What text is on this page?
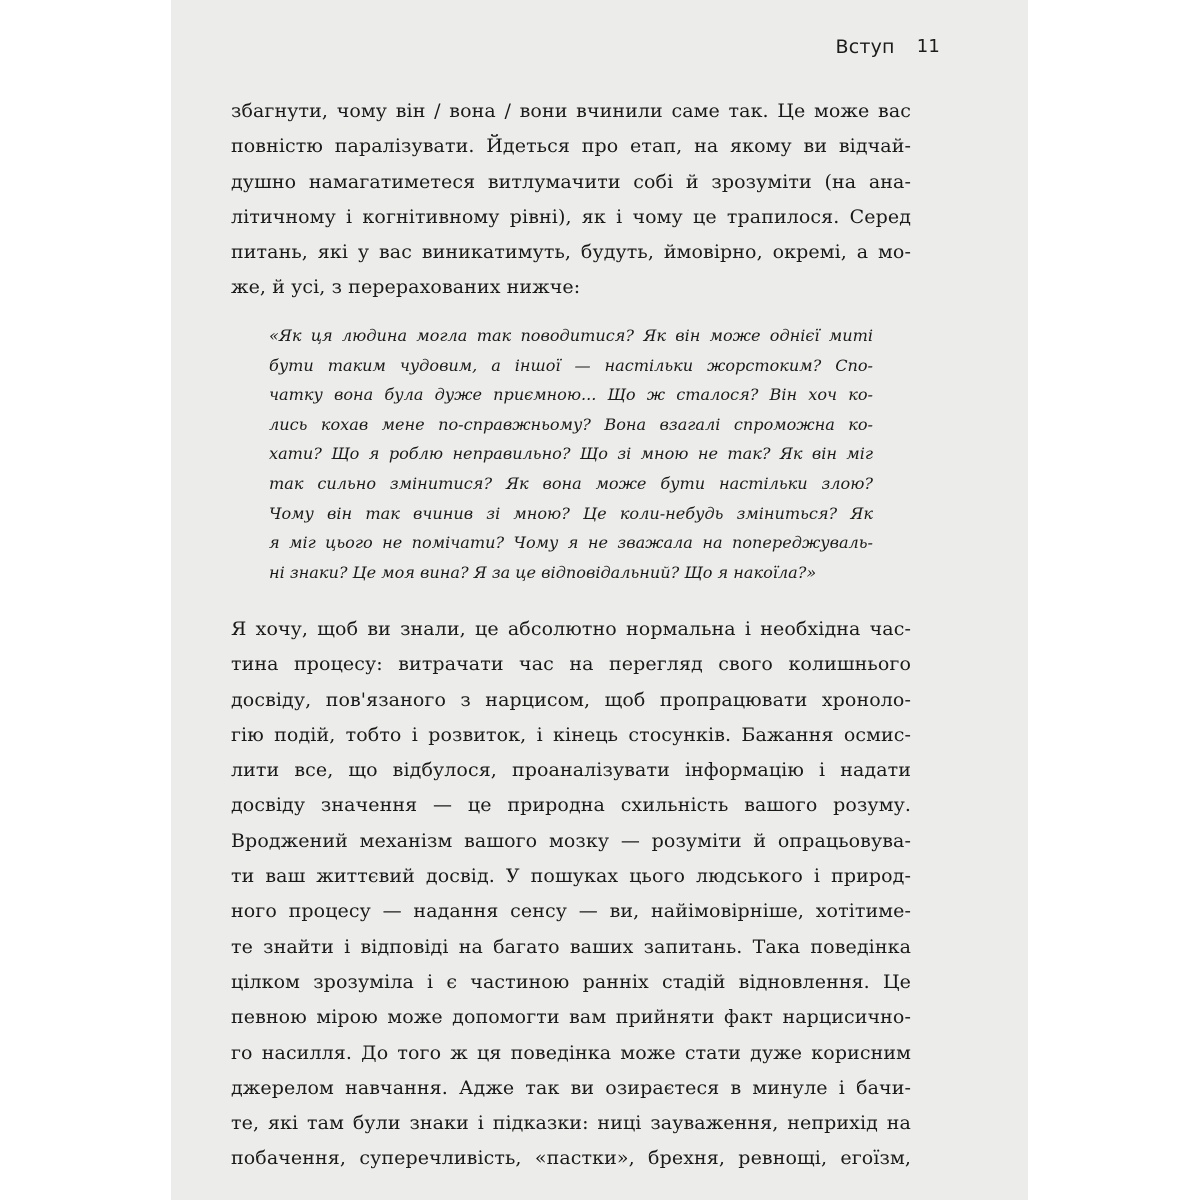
Вступ 11
збагнути, чому він / вона / вони вчинили саме так. Це може вас
повністю паралізувати. Йдеться про етап, на якому ви відчай-
душно намагатиметеся витлумачити собі й зрозуміти (на ана-
літичному і когнітивному рівні), як і чому це трапилося. Серед
питань, які у вас виникатимуть, будуть, ймовірно, окремі, а мо-
же, й усі, з перерахованих нижче:
«Як ця людина могла так поводитися? Як він може однієї миті
бути таким чудовим, а іншої — настільки жорстоким? Спо-
чатку вона була дуже приємною... Що ж сталося? Він хоч ко-
лись кохав мене по-справжньому? Вона взагалі спроможна ко-
хати? Що я роблю неправильно? Що зі мною не так? Як він міг
так сильно змінитися? Як вона може бути настільки злою?
Чому він так вчинив зі мною? Це коли-небудь зміниться? Як
я міг цього не помічати? Чому я не зважала на попереджуваль-
ні знаки? Це моя вина? Я за це відповідальний? Що я накоїла?»
Я хочу, щоб ви знали, це абсолютно нормальна і необхідна час-
тина процесу: витрачати час на перегляд свого колишнього
досвіду, пов'язаного з нарцисом, щоб пропрацювати хроноло-
гію подій, тобто і розвиток, і кінець стосунків. Бажання осмис-
лити все, що відбулося, проаналізувати інформацію і надати
досвіду значення — це природна схильність вашого розуму.
Вроджений механізм вашого мозку — розуміти й опрацьовува-
ти ваш життєвий досвід. У пошуках цього людського і природ-
ного процесу — надання сенсу — ви, найімовірніше, хотітиме-
те знайти і відповіді на багато ваших запитань. Така поведінка
цілком зрозуміла і є частиною ранніх стадій відновлення. Це
певною мірою може допомогти вам прийняти факт нарцисично-
го насилля. До того ж ця поведінка може стати дуже корисним
джерелом навчання. Адже так ви озираєтеся в минуле і бачи-
те, які там були знаки і підказки: ниці зауваження, неприхід на
побачення, суперечливість, «пастки», брехня, ревнощі, егоїзм,
